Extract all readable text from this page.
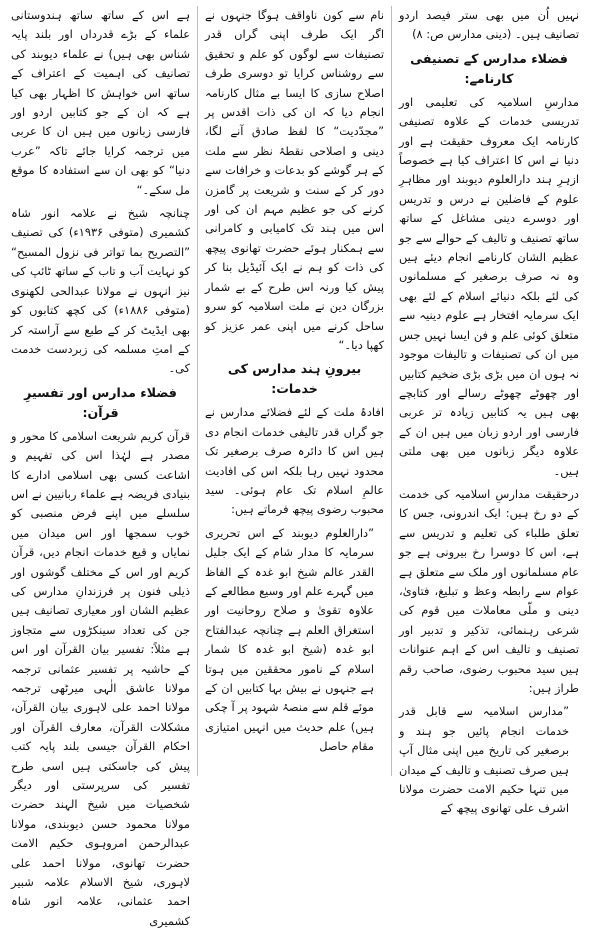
نہیں اُن میں بھی ستر فیصد اردو تصانیف ہیں۔ (دینی مدارس ص: ۸)
فضلاء مدارس کے تصنیفی کارنامے:
مدارسِ اسلامیہ کی تعلیمی اور تدریسی خدمات کے علاوہ تصنیفی کارنامہ ایک معروف حقیقت ہے اور دنیا نے اس کا اعتراف کیا ہے خصوصاً ازہرِ ہند دارالعلوم دیوبند اور مظاہرِ علوم کے فاضلین نے درس و تدریس اور دوسرے دینی مشاغل کے ساتھ ساتھ تصنیف و تالیف کے حوالے سے جو عظیم الشان کارنامے انجام دیئے ہیں وہ نہ صرف برصغیر کے مسلمانوں کی لئے بلکہ دنیائے اسلام کے لئے بھی ایک سرمایہ افتخار ہے علوم دینیہ سے متعلق کوئی علم و فن ایسا نہیں جس میں ان کی تصنیفات و تالیفات موجود نہ ہوں ان میں بڑی بڑی ضخیم کتابیں اور چھوٹے چھوٹے رسالے اور کتابچے بھی ہیں یہ کتابیں زیادہ تر عربی فارسی اور اردو زبان میں ہیں ان کے علاوہ دیگر زبانوں میں بھی ملتی ہیں۔
درحقیقت مدارسِ اسلامیہ کی خدمت کے دو رخ ہیں: ایک اندرونی، جس کا تعلق طلباء کی تعلیم و تدریس سے ہے، اس کا دوسرا رخ بیرونی ہے جو عام مسلمانوں اور ملک سے متعلق ہے عوام سے رابطہ وعظ و تبلیغ، فتاویٰ، دینی و ملّی معاملات میں قوم کی شرعی رہنمائی، تذکیر و تدبیر اور تصنیف و تالیف اس کے اہم عنوانات ہیں سید محبوب رضوی، صاحب رقم طراز ہیں:
”مدارس اسلامیہ سے قابل قدر خدمات انجام پائیں جو ہند و برصغیر کی تاریخ میں اپنی مثال آپ ہیں صرف تصنیف و تالیف کے میدان میں تنہا حکیم الامت حضرت مولانا اشرف علی تھانوی پیچھ کے
نام سے کون ناواقف ہوگا جنہوں نے اگر ایک طرف اپنی گراں قدر تصنیفات سے لوگوں کو علم و تحقیق سے روشناس کرایا تو دوسری طرف اصلاح سازی کا ایسا بے مثال کارنامہ انجام دیا کہ ان کی ذات اقدس پر ”مجدّدیت“ کا لفظ صادق آنے لگا، دینی و اصلاحی نقطۂ نظر سے ملت کے ہر گوشے کو بدعات و خرافات سے دور کر کے سنت و شریعت پر گامزن کرنے کی جو عظیم مہم ان کی اور اس میں ہند تک کامیابی و کامرانی سے ہمکنار ہوئے حضرت تھانوی پیچھ کی ذات کو ہم نے ایک آئیڈیل بنا کر پیش کیا ورنہ اس طرح کے بے شمار بزرگان دین نے ملت اسلامیہ کو سرو ساحل کرنے میں اپنی عمر عزیز کو کھپا دیا۔“
بیرونِ ہند مدارس کی خدمات:
افادۂ ملت کے لئے فضلائے مدارس نے جو گراں قدر تالیفی خدمات انجام دی ہیں اس کا دائرہ صرف برصغیر تک محدود نہیں رہا بلکہ اس کی افادیت عالمِ اسلام تک عام ہوئی۔ سید محبوب رضوی پیچھ فرماتے ہیں:
”دارالعلوم دیوبند کے اس تحریری سرمایہ کا مدار شام کے ایک جلیل القدر عالم شیخ ابو غدہ کے الفاظ میں گہرے علم اور وسیع مطالعے کے علاوہ تقویٰ و صلاح روحانیت اور استغراق العلم ہے چنانچہ عبدالفتاح ابو غدہ (شیخ ابو غدہ کا شمار اسلام کے نامور محققین میں ہوتا ہے جنہوں نے بیش بہا کتابیں ان کے موئے قلم سے منصۂ شہود پر آ چکی ہیں) علم حدیث میں انہیں امتیازی مقام حاصل
ہے اس کے ساتھ ساتھ ہندوستانی علماء کے بڑے قدرداں اور بلند پایہ شناس بھی ہیں) نے علماء دیوبند کی تصانیف کی اہمیت کے اعتراف کے ساتھ اس خواہش کا اظہار بھی کیا ہے کہ ان کے جو کتابیں اردو اور فارسی زبانوں میں ہیں ان کا عربی میں ترجمہ کرایا جائے تاکہ ”عرب دنیا“ کو بھی ان سے استفادہ کا موقع مل سکے۔“
چنانچہ شیخ نے علامہ انور شاہ کشمیری (متوفی ۱۹۳۶ء) کی تصنیف ”التصریح بما تواتر فی نزول المسیح“ کو نہایت آب و تاب کے ساتھ ٹائپ کی نیز انہوں نے مولانا عبدالحی لکھنوی (متوفی ۱۸۸۶ء) کی کچھ کتابوں کو بھی ایڈیٹ کر کے طبع سے آراستہ کر کے امتِ مسلمہ کی زبردست خدمت کی۔
فضلاء مدارس اور تفسیرِ قرآن:
قرآن کریم شریعت اسلامی کا محور و مصدر ہے لہٰذا اس کی تفہیم و اشاعت کسی بھی اسلامی ادارے کا بنیادی فریضہ ہے علماء ربانیین نے اس سلسلے میں اپنے فرض منصبی کو خوب سمجھا اور اس میدان میں نمایاں و قیع خدمات انجام دیں، قرآن کریم اور اس کے مختلف گوشوں اور ذیلی فنون پر فرزندانِ مدارس کی عظیم الشان اور معیاری تصانیف ہیں جن کی تعداد سینکڑوں سے متجاوز ہے مثلاً: تفسیر بیان القرآن اور اس کے حاشیہ پر تفسیر عثمانی ترجمہ مولانا عاشق الٰہی میرٹھی ترجمہ مولانا احمد علی لاہوری بیان القرآن، مشکلات القرآن، معارف القرآن اور احکام القرآن جیسی بلند پایہ کتب پیش کی جاسکتی ہیں اسی طرح تفسیر کی سرپرستی اور دیگر شخصیات میں شیخ الہند حضرت مولانا محمود حسن دیوبندی، مولانا عبدالرحمن امروہوی حکیم الامت حضرت تھانوی، مولانا احمد علی لاہوری، شیخ الاسلام علامہ شبیر احمد عثمانی، علامہ انور شاہ کشمیری
